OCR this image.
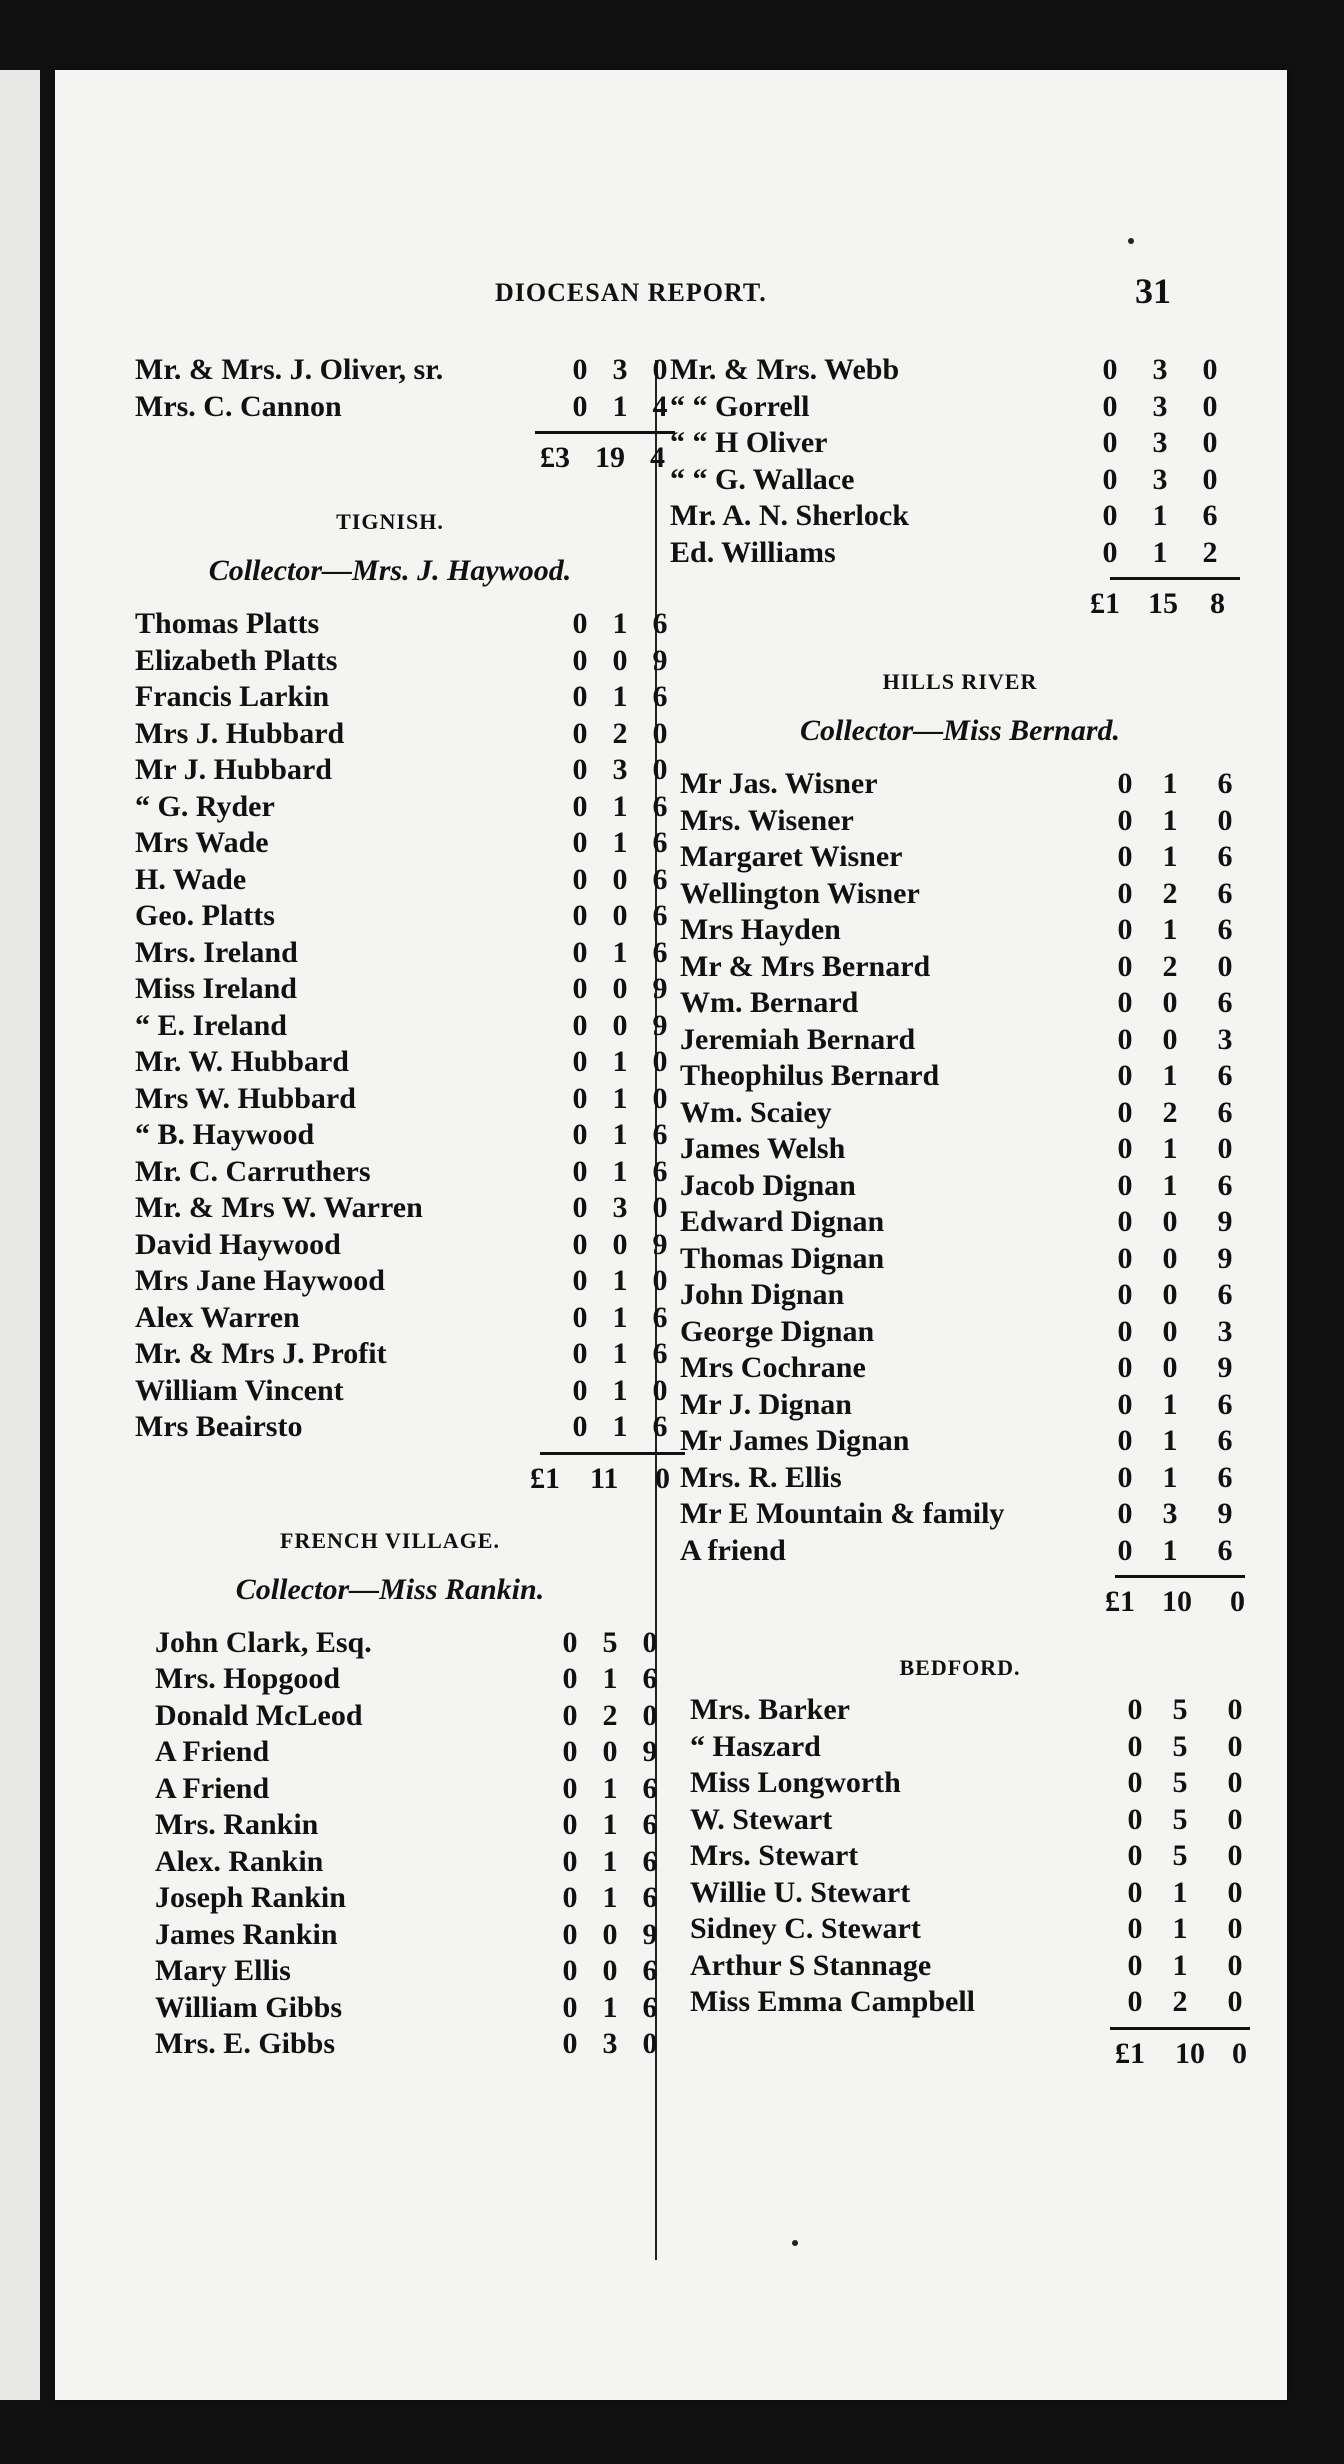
DIOCESAN REPORT.	31
Mr. & Mrs. J. Oliver, sr.	0 3 0
Mrs. C. Cannon	0 1 4
£3 19 4
TIGNISH.
Collector—Mrs. J. Haywood.
Thomas Platts	0 1 6
Elizabeth Platts	0 0 9
Francis Larkin	0 1 6
Mrs J. Hubbard	0 2 0
Mr J. Hubbard	0 3 0
“ G. Ryder	0 1 6
Mrs Wade	0 1 6
H. Wade	0 0 6
Geo. Platts	0 0 6
Mrs. Ireland	0 1 6
Miss Ireland	0 0 9
“ E. Ireland	0 0 9
Mr. W. Hubbard	0 1 0
Mrs W. Hubbard	0 1 0
“ B. Haywood	0 1 6
Mr. C. Carruthers	0 1 6
Mr. & Mrs W. Warren	0 3 0
David Haywood	0 0 9
Mrs Jane Haywood	0 1 0
Alex Warren	0 1 6
Mr. & Mrs J. Profit	0 1 6
William Vincent	0 1 0
Mrs Beairsto	0 1 6
£1 11 0
FRENCH VILLAGE.
Collector—Miss Rankin.
John Clark, Esq.	0 5 0
Mrs. Hopgood	0 1 6
Donald McLeod	0 2 0
A Friend	0 0 9
A Friend	0 1 6
Mrs. Rankin	0 1 6
Alex. Rankin	0 1 6
Joseph Rankin	0 1 6
James Rankin	0 0 9
Mary Ellis	0 0 6
William Gibbs	0 1 6
Mrs. E. Gibbs	0 3 0
Mr. & Mrs. Webb	0 3 0
“ “ Gorrell	0 3 0
“ “ H Oliver	0 3 0
“ “ G. Wallace	0 3 0
Mr. A. N. Sherlock	0 1 6
Ed. Williams	0 1 2
£1 15 8
HILLS RIVER
Collector—Miss Bernard.
Mr Jas. Wisner	0 1 6
Mrs. Wisener	0 1 0
Margaret Wisner	0 1 6
Wellington Wisner	0 2 6
Mrs Hayden	0 1 6
Mr & Mrs Bernard	0 2 0
Wm. Bernard	0 0 6
Jeremiah Bernard	0 0 3
Theophilus Bernard	0 1 6
Wm. Scaiey	0 2 6
James Welsh	0 1 0
Jacob Dignan	0 1 6
Edward Dignan	0 0 9
Thomas Dignan	0 0 9
John Dignan	0 0 6
George Dignan	0 0 3
Mrs Cochrane	0 0 9
Mr J. Dignan	0 1 6
Mr James Dignan	0 1 6
Mrs. R. Ellis	0 1 6
Mr E Mountain & family	0 3 9
A friend	0 1 6
£1 10 0
BEDFORD.
Mrs. Barker	0 5 0
“ Haszard	0 5 0
Miss Longworth	0 5 0
W. Stewart	0 5 0
Mrs. Stewart	0 5 0
Willie U. Stewart	0 1 0
Sidney C. Stewart	0 1 0
Arthur S Stannage	0 1 0
Miss Emma Campbell	0 2 0
£1 10 0
